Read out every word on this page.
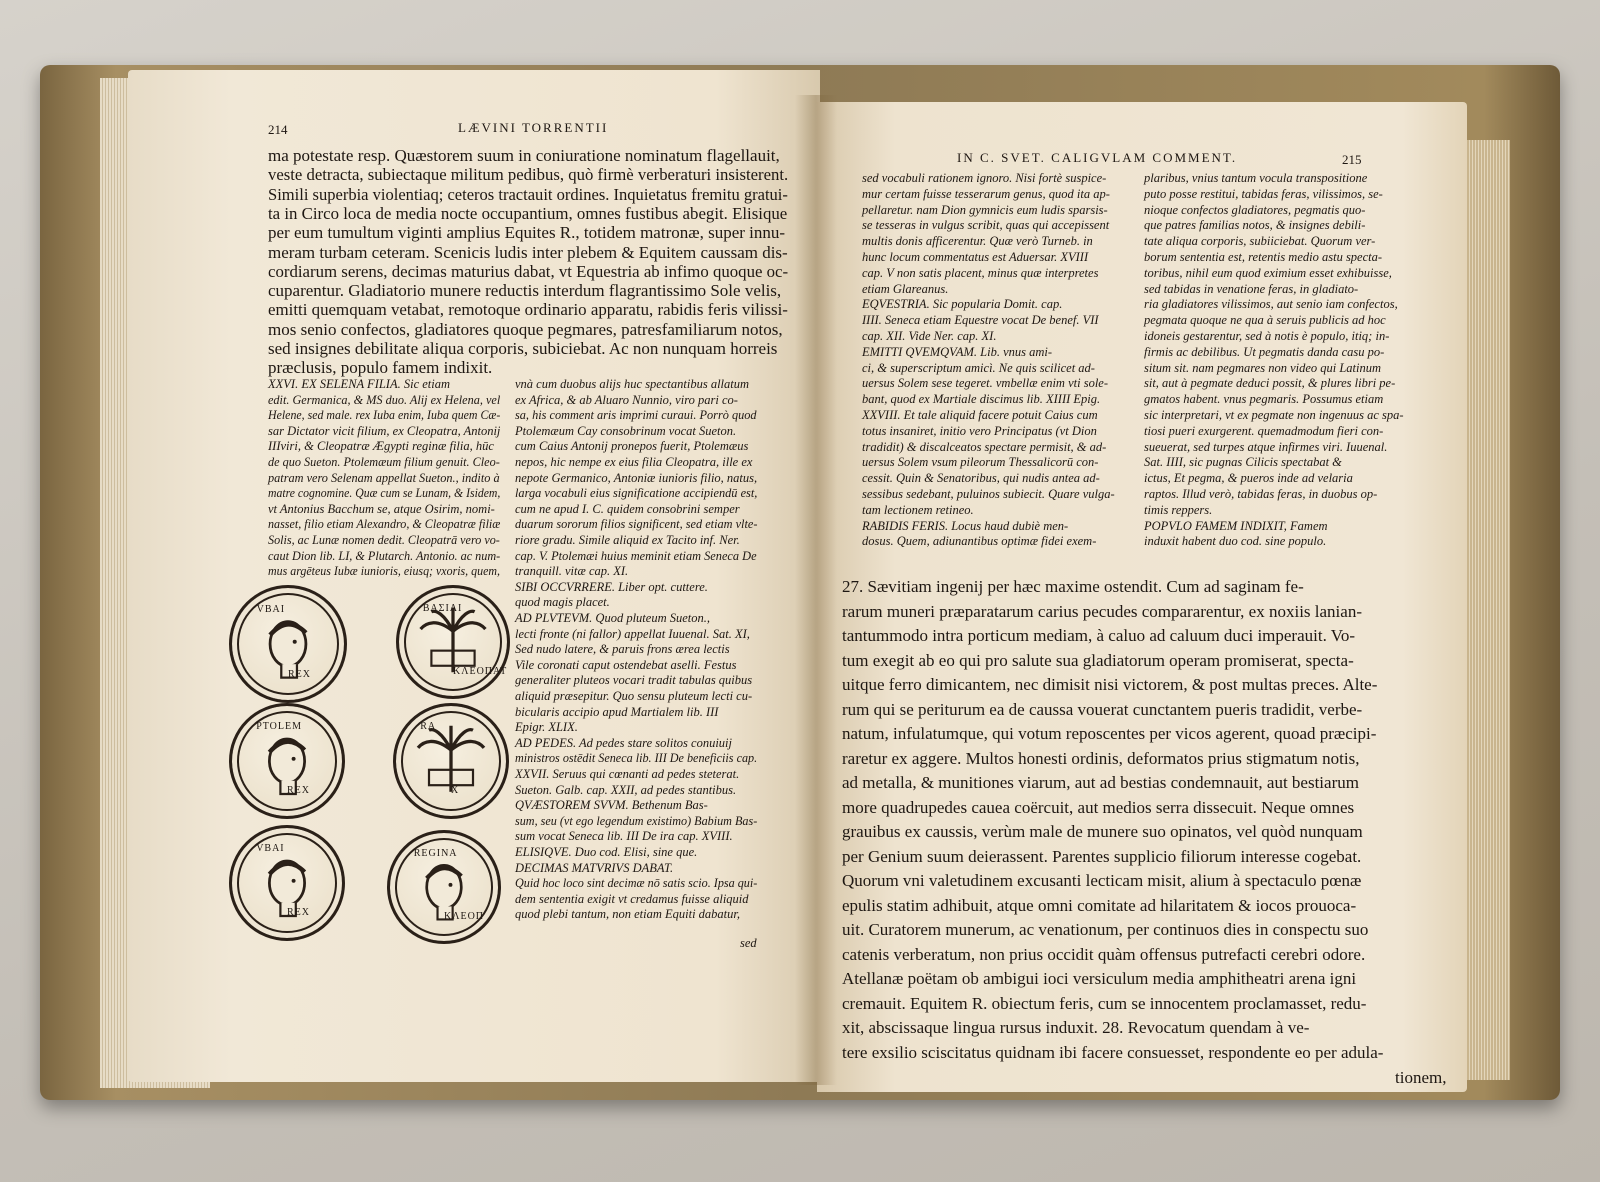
214	LÆVINI TORRENTII
ma potestate resp. Quæstorem suum in coniuratione nominatum flagellauit,
veste detracta, subiectaque militum pedibus, quò firmè verberaturi insisterent.
Simili superbia violentiaq; ceteros tractauit ordines. Inquietatus fremitu gratui-
ta in Circo loca de media nocte occupantium, omnes fustibus abegit. Elisique
per eum tumultum viginti amplius Equites R., totidem matronæ, super innu-
meram turbam ceteram. Scenicis ludis inter plebem & Equitem caussam dis-
cordiarum serens, decimas maturius dabat, vt Equestria ab infimo quoque oc-
cuparentur. Gladiatorio munere reductis interdum flagrantissimo Sole velis,
emitti quemquam vetabat, remotoque ordinario apparatu, rabidis feris vilissi-
mos senio confectos, gladiatores quoque pegmares, patresfamiliarum notos,
sed insignes debilitate aliqua corporis, subiciebat. Ac non nunquam horreis
præclusis, populo famem indixit.
XXVI. EX SELENA FILIA. Sic etiam
edit. Germanica, & MS duo. Alij ex Helena, vel
Helene, sed male. rex Iuba enim, Iuba quem Cæ-
sar Dictator vicit filium, ex Cleopatra, Antonij
IIIviri, & Cleopatræ Ægypti reginæ filia, hūc
de quo Sueton. Ptolemæum filium genuit. Cleo-
patram vero Selenam appellat Sueton., indito à
matre cognomine. Quæ cum se Lunam, & Isidem,
vt Antonius Bacchum se, atque Osirim, nomi-
nasset, filio etiam Alexandro, & Cleopatræ filiæ
Solis, ac Lunæ nomen dedit. Cleopatrā vero vo-
caut Dion lib. LI, & Plutarch. Antonio. ac num-
mus argēteus Iubæ iunioris, eiusq; vxoris, quem,
vnà cum duobus alijs huc spectantibus allatum
ex Africa, & ab Aluaro Nunnio, viro pari co-
sa, his comment aris imprimi curaui. Porrò quod
Ptolemæum Cay consobrinum vocat Sueton.
cum Caius Antonij pronepos fuerit, Ptolemæus
nepos, hic nempe ex eius filia Cleopatra, ille ex
nepote Germanico, Antoniæ iunioris filio, natus,
larga vocabuli eius significatione accipiendū est,
cum ne apud I. C. quidem consobrini semper
duarum sororum filios significent, sed etiam vlte-
riore gradu. Simile aliquid ex Tacito inf. Ner.
cap. V. Ptolemæi huius meminit etiam Seneca De
tranquill. vitæ cap. XI.
SIBI OCCVRRERE. Liber opt. cuttere.
quod magis placet.
AD PLVTEVM. Quod pluteum Sueton.,
lecti fronte (ni fallor) appellat Iuuenal. Sat. XI,
Sed nudo latere, & paruis frons ærea lectis
Vile coronati caput ostendebat aselli. Festus
generaliter pluteos vocari tradit tabulas quibus
aliquid præsepitur. Quo sensu pluteum lecti cu-
bicularis accipio apud Martialem lib. III
Epigr. XLIX.
AD PEDES. Ad pedes stare solitos conuiuij
ministros ostēdit Seneca lib. III De beneficiis cap.
XXVII. Seruus qui cœnanti ad pedes steterat.
Sueton. Galb. cap. XXII, ad pedes stantibus.
QVÆSTOREM SVVM. Bethenum Bas-
sum, seu (vt ego legendum existimo) Babium Bas-
sum vocat Seneca lib. III De ira cap. XVIII.
ELISIQVE. Duo cod. Elisi, sine que.
DECIMAS MATVRIVS DABAT.
Quid hoc loco sint decimæ nō satis scio. Ipsa qui-
dem sententia exigit vt credamus fuisse aliquid
quod plebi tantum, non etiam Equiti dabatur,
sed
VBAI
REX
ΒΑΣΙΛΙ
ΚΛΕΟΠΑΤ
PTOLEM
REX
RA
X
VBAI
REX
REGINA
ΚΛΕΟΠ
IN C. SVET. CALIGVLAM COMMENT.	215
sed vocabuli rationem ignoro. Nisi fortè suspice-
mur certam fuisse tesserarum genus, quod ita ap-
pellaretur. nam Dion gymnicis eum ludis sparsis-
se tesseras in vulgus scribit, quas qui accepissent
multis donis afficerentur. Quæ verò Turneb. in
hunc locum commentatus est Aduersar. XVIII
cap. V non satis placent, minus quæ interpretes
etiam Glareanus.
EQVESTRIA. Sic popularia Domit. cap.
IIII. Seneca etiam Equestre vocat De benef. VII
cap. XII. Vide Ner. cap. XI.
EMITTI QVEMQVAM. Lib. vnus ami-
ci, & superscriptum amicì. Ne quis scilicet ad-
uersus Solem sese tegeret. vmbellæ enim vti sole-
bant, quod ex Martiale discimus lib. XIIII Epig.
XXVIII. Et tale aliquid facere potuit Caius cum
totus insaniret, initio vero Principatus (vt Dion
tradidit) & discalceatos spectare permisit, & ad-
uersus Solem vsum pileorum Thessalicorū con-
cessit. Quin & Senatoribus, qui nudis antea ad-
sessibus sedebant, puluinos subiecit. Quare vulga-
tam lectionem retineo.
RABIDIS FERIS. Locus haud dubiè men-
dosus. Quem, adiunantibus optimæ fidei exem-
plaribus, vnius tantum vocula transpositione
puto posse restitui, tabidas feras, vilissimos, se-
nioque confectos gladiatores, pegmatis quo-
que patres familias notos, & insignes debili-
tate aliqua corporis, subiiciebat. Quorum ver-
borum sententia est, retentis medio astu specta-
toribus, nihil eum quod eximium esset exhibuisse,
sed tabidas in venatione feras, in gladiato-
ria gladiatores vilissimos, aut senio iam confectos,
pegmata quoque ne qua à seruis publicis ad hoc
idoneis gestarentur, sed à notis è populo, itiq; in-
firmis ac debilibus. Ut pegmatis danda casu po-
situm sit. nam pegmares non video qui Latinum
sit, aut à pegmate deduci possit, & plures libri pe-
gmatos habent. vnus pegmaris. Possumus etiam
sic interpretari, vt ex pegmate non ingenuus ac spa-
tiosi pueri exurgerent. quemadmodum fieri con-
sueuerat, sed turpes atque infirmes viri. Iuuenal.
Sat. IIII, sic pugnas Cilicis spectabat &
ictus, Et pegma, & pueros inde ad velaria
raptos. Illud verò, tabidas feras, in duobus op-
timis reppers.
POPVLO FAMEM INDIXIT, Famem
induxit habent duo cod. sine populo.
27. Sævitiam ingenij per hæc maxime ostendit. Cum ad saginam fe-
rarum muneri præparatarum carius pecudes compararentur, ex noxiis lanian-
tantummodo intra porticum mediam, à caluo ad caluum duci imperauit. Vo-
tum exegit ab eo qui pro salute sua gladiatorum operam promiserat, specta-
uitque ferro dimicantem, nec dimisit nisi victorem, & post multas preces. Alte-
rum qui se periturum ea de caussa vouerat cunctantem pueris tradidit, verbe-
natum, infulatumque, qui votum reposcentes per vicos agerent, quoad præcipi-
raretur ex aggere. Multos honesti ordinis, deformatos prius stigmatum notis,
ad metalla, & munitiones viarum, aut ad bestias condemnauit, aut bestiarum
more quadrupedes cauea coërcuit, aut medios serra dissecuit. Neque omnes
grauibus ex caussis, verùm male de munere suo opinatos, vel quòd nunquam
per Genium suum deierassent. Parentes supplicio filiorum interesse cogebat.
Quorum vni valetudinem excusanti lecticam misit, alium à spectaculo pœnæ
epulis statim adhibuit, atque omni comitate ad hilaritatem & iocos prouoca-
uit. Curatorem munerum, ac venationum, per continuos dies in conspectu suo
catenis verberatum, non prius occidit quàm offensus putrefacti cerebri odore.
Atellanæ poëtam ob ambigui ioci versiculum media amphitheatri arena igni
cremauit. Equitem R. obiectum feris, cum se innocentem proclamasset, redu-
xit, abscissaque lingua rursus induxit. 28. Revocatum quendam à ve-
tere exsilio sciscitatus quidnam ibi facere consuesset, respondente eo per adula-
tionem,
